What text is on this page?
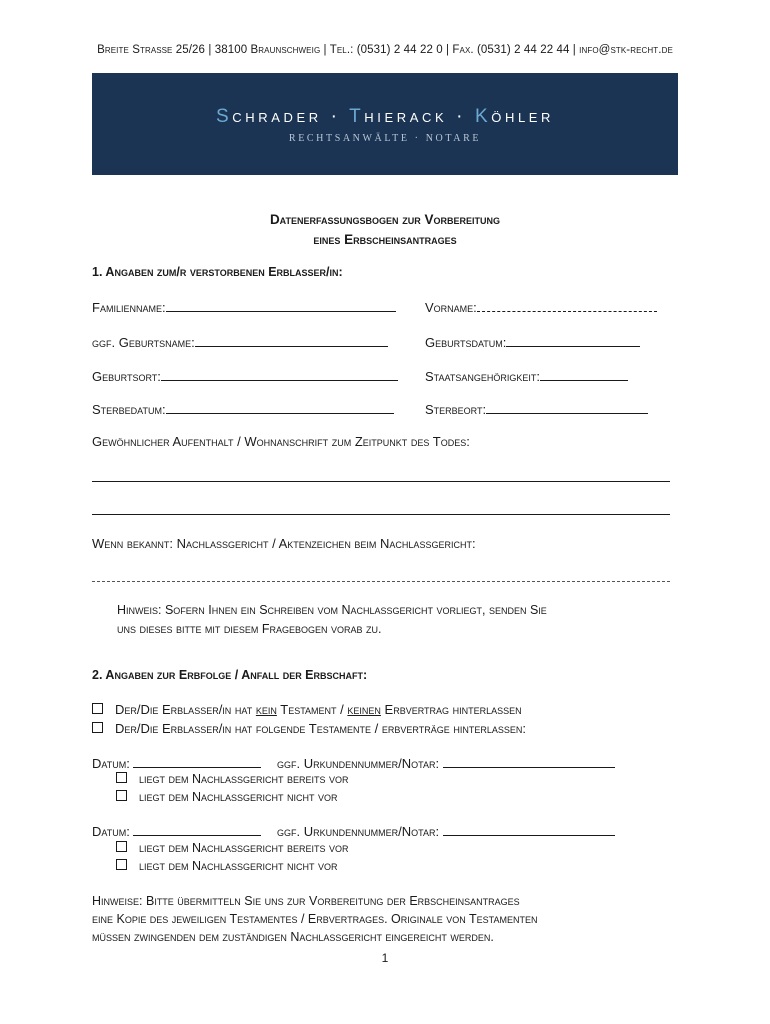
Breite Straße 25/26 | 38100 Braunschweig | Tel.: (0531) 2 44 22 0 | Fax. (0531) 2 44 22 44 | info@stk-recht.de
Schrader · Thierack · Köhler
RECHTSANWÄLTE · NOTARE
Datenerfassungsbogen zur Vorbereitung
eines Erbscheinsantrages
1. Angaben zum/r verstorbenen Erblasser/in:
Familienname:	Vorname:
ggf. Geburtsname:	Geburtsdatum:
Geburtsort:	Staatsangehörigkeit:
Sterbedatum:	Sterbeort:
Gewöhnlicher Aufenthalt / Wohnanschrift zum Zeitpunkt des Todes:
Wenn bekannt: Nachlassgericht / Aktenzeichen beim Nachlassgericht:
Hinweis: Sofern Ihnen ein Schreiben vom Nachlassgericht vorliegt, senden Sie
uns dieses bitte mit diesem Fragebogen vorab zu.
2. Angaben zur Erbfolge / Anfall der Erbschaft:
Der/Die Erblasser/in hat kein Testament / keinen Erbvertrag hinterlassen
Der/Die Erblasser/in hat folgende Testamente / erbverträge hinterlassen:
Datum:	ggf. Urkundennummer/Notar:
liegt dem Nachlassgericht bereits vor
liegt dem Nachlassgericht nicht vor
Datum:	ggf. Urkundennummer/Notar:
liegt dem Nachlassgericht bereits vor
liegt dem Nachlassgericht nicht vor
Hinweise: Bitte übermitteln Sie uns zur Vorbereitung der Erbscheinsantrages
eine Kopie des jeweiligen Testamentes / Erbvertrages. Originale von Testamenten
müssen zwingenden dem zuständigen Nachlassgericht eingereicht werden.
1
